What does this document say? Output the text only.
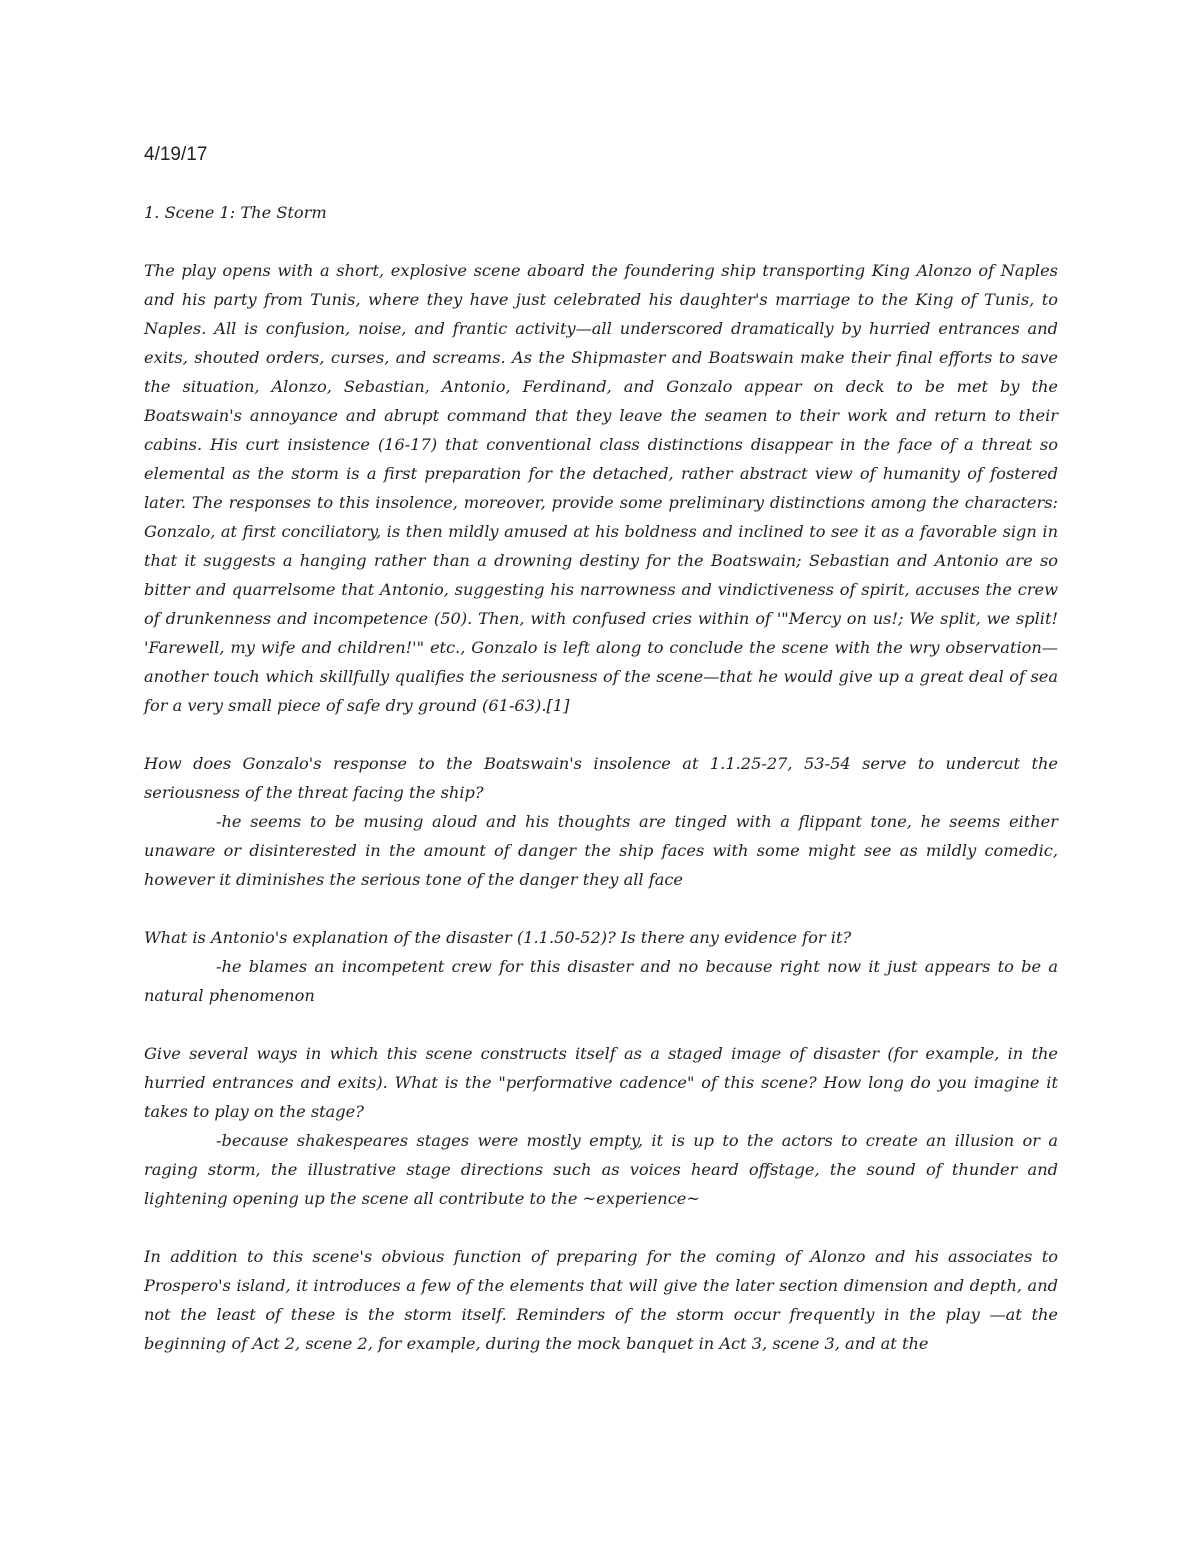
4/19/17

1. Scene 1: The Storm

The play opens with a short, explosive scene aboard the foundering ship transporting King Alonzo of Naples and his party from Tunis, where they have just celebrated his daughter's marriage to the King of Tunis, to Naples. All is confusion, noise, and frantic activity—all underscored dramatically by hurried entrances and exits, shouted orders, curses, and screams. As the Shipmaster and Boatswain make their final efforts to save the situation, Alonzo, Sebastian, Antonio, Ferdinand, and Gonzalo appear on deck to be met by the Boatswain's annoyance and abrupt command that they leave the seamen to their work and return to their cabins. His curt insistence (16-17) that conventional class distinctions disappear in the face of a threat so elemental as the storm is a first preparation for the detached, rather abstract view of humanity of fostered later. The responses to this insolence, moreover, provide some preliminary distinctions among the characters: Gonzalo, at first conciliatory, is then mildly amused at his boldness and inclined to see it as a favorable sign in that it suggests a hanging rather than a drowning destiny for the Boatswain; Sebastian and Antonio are so bitter and quarrelsome that Antonio, suggesting his narrowness and vindictiveness of spirit, accuses the crew of drunkenness and incompetence (50). Then, with confused cries within of '"Mercy on us!; We split, we split! 'Farewell, my wife and children!'" etc., Gonzalo is left along to conclude the scene with the wry observation—another touch which skillfully qualifies the seriousness of the scene—that he would give up a great deal of sea for a very small piece of safe dry ground (61-63).[1]

How does Gonzalo's response to the Boatswain's insolence at 1.1.25-27, 53-54 serve to undercut the seriousness of the threat facing the ship?

-he seems to be musing aloud and his thoughts are tinged with a flippant tone, he seems either unaware or disinterested in the amount of danger the ship faces with some might see as mildly comedic, however it diminishes the serious tone of the danger they all face

What is Antonio's explanation of the disaster (1.1.50-52)? Is there any evidence for it?

-he blames an incompetent crew for this disaster and no because right now it just appears to be a natural phenomenon

Give several ways in which this scene constructs itself as a staged image of disaster (for example, in the hurried entrances and exits). What is the "performative cadence" of this scene? How long do you imagine it takes to play on the stage?

-because shakespeares stages were mostly empty, it is up to the actors to create an illusion or a raging storm, the illustrative stage directions such as voices heard offstage, the sound of thunder and lightening opening up the scene all contribute to the ~experience~

In addition to this scene's obvious function of preparing for the coming of Alonzo and his associates to Prospero's island, it introduces a few of the elements that will give the later section dimension and depth, and not the least of these is the storm itself. Reminders of the storm occur frequently in the play —at the beginning of Act 2, scene 2, for example, during the mock banquet in Act 3, scene 3, and at the
